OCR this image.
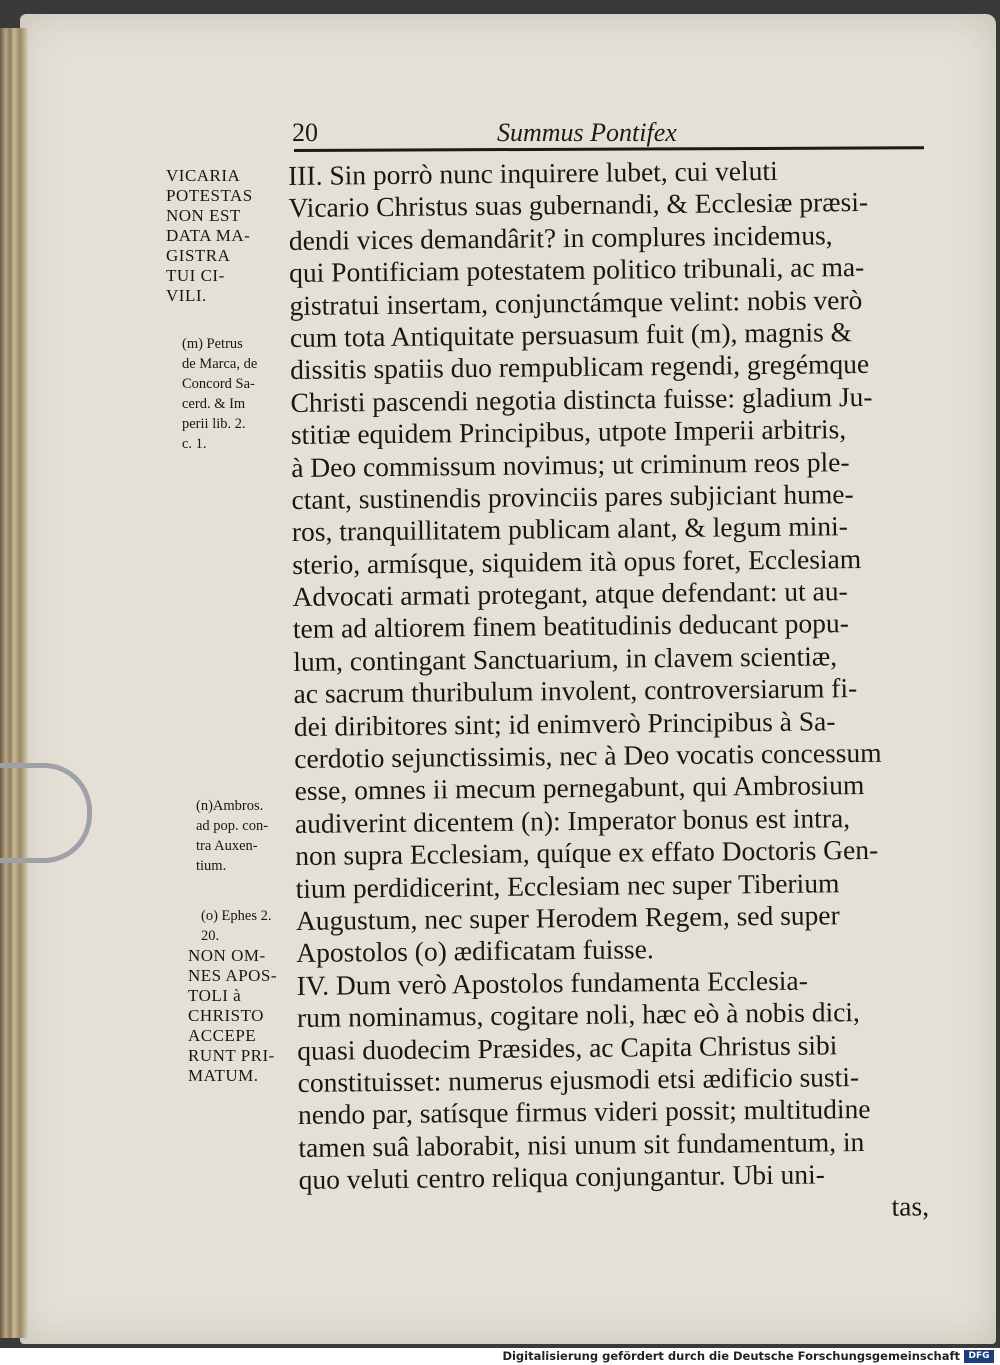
20	Summus Pontifex
VICARIA
POTESTAS
NON EST
DATA MA-
GISTRA
TUI CI-
VILI.
(m) Petrus
de Marca, de
Concord Sa-
cerd. & Im
perii lib. 2.
c. 1.
(n)Ambros.
ad pop. con-
tra Auxen-
tium.
(o) Ephes 2.
20.
NON OM-
NES APOS-
TOLI à
CHRISTO
ACCEPE
RUNT PRI-
MATUM.
III. Sin porrò nunc inquirere lubet, cui veluti
Vicario Christus suas gubernandi, & Ecclesiæ præsi-
dendi vices demandârit? in complures incidemus,
qui Pontificiam potestatem politico tribunali, ac ma-
gistratui insertam, conjunctámque velint: nobis verò
cum tota Antiquitate persuasum fuit (m), magnis &
dissitis spatiis duo rempublicam regendi, gregémque
Christi pascendi negotia distincta fuisse: gladium Ju-
stitiæ equidem Principibus, utpote Imperii arbitris,
à Deo commissum novimus; ut criminum reos ple-
ctant, sustinendis provinciis pares subjiciant hume-
ros, tranquillitatem publicam alant, & legum mini-
sterio, armísque, siquidem ità opus foret, Ecclesiam
Advocati armati protegant, atque defendant: ut au-
tem ad altiorem finem beatitudinis deducant popu-
lum, contingant Sanctuarium, in clavem scientiæ,
ac sacrum thuribulum involent, controversiarum fi-
dei diribitores sint; id enimverò Principibus à Sa-
cerdotio sejunctissimis, nec à Deo vocatis concessum
esse, omnes ii mecum pernegabunt, qui Ambrosium
audiverint dicentem (n): Imperator bonus est intra,
non supra Ecclesiam, quíque ex effato Doctoris Gen-
tium perdidicerint, Ecclesiam nec super Tiberium
Augustum, nec super Herodem Regem, sed super
Apostolos (o) ædificatam fuisse.
IV. Dum verò Apostolos fundamenta Ecclesia-
rum nominamus, cogitare noli, hæc eò à nobis dici,
quasi duodecim Præsides, ac Capita Christus sibi
constituisset: numerus ejusmodi etsi ædificio susti-
nendo par, satísque firmus videri possit; multitudine
tamen suâ laborabit, nisi unum sit fundamentum, in
quo veluti centro reliqua conjungantur. Ubi uni-
tas,
Digitalisierung gefördert durch die Deutsche Forschungsgemeinschaft DFG
